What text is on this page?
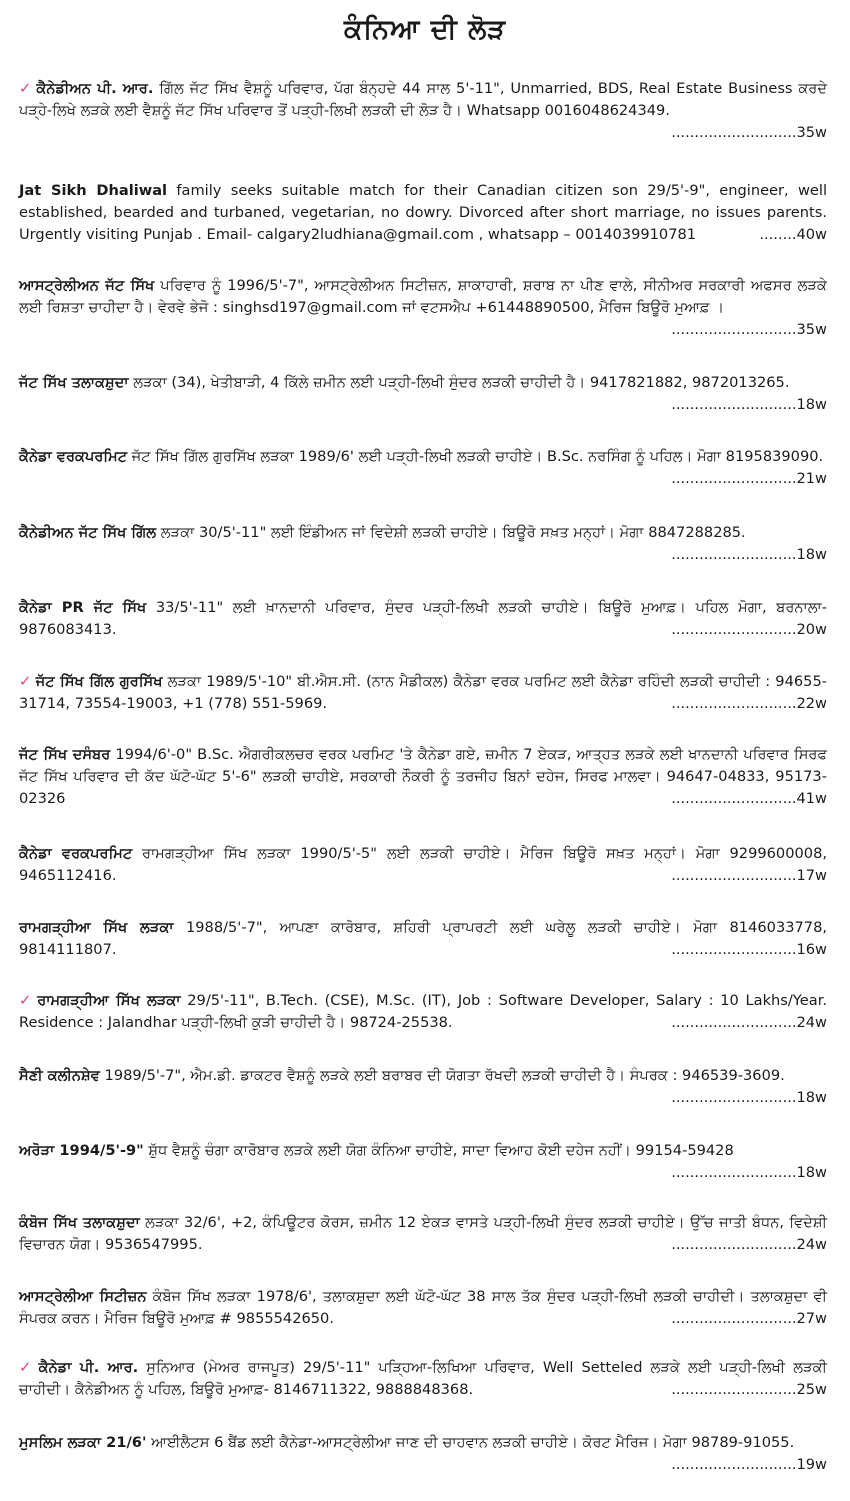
ਕੰਨਿਆ ਦੀ ਲੋੜ
✓ ਕੈਨੇਡੀਅਨ ਪੀ. ਆਰ. ਗਿੱਲ ਜੱਟ ਸਿੱਖ ਵੈਸ਼ਨੂੰ ਪਰਿਵਾਰ, ਪੱਗ ਬੰਨ੍ਹਦੇ 44 ਸਾਲ 5'-11", Unmarried, BDS, Real Estate Business ਕਰਦੇ ਪੜ੍ਹੇ-ਲਿਖੇ ਲੜਕੇ ਲਈ ਵੈਸ਼ਨੂੰ ਜੱਟ ਸਿੱਖ ਪਰਿਵਾਰ ਤੋਂ ਪੜ੍ਹੀ-ਲਿਖੀ ਲੜਕੀ ਦੀ ਲੋੜ ਹੈ। Whatsapp 0016048624349.
...........................35w
Jat Sikh Dhaliwal family seeks suitable match for their Canadian citizen son 29/5'-9", engineer, well established, bearded and turbaned, vegetarian, no dowry. Divorced after short marriage, no issues parents. Urgently visiting Punjab . Email- calgary2ludhiana@gmail.com , whatsapp – 0014039910781	........40w
ਆਸਟ੍ਰੇਲੀਅਨ ਜੱਟ ਸਿੱਖ ਪਰਿਵਾਰ ਨੂੰ 1996/5'-7", ਆਸਟ੍ਰੇਲੀਅਨ ਸਿਟੀਜ਼ਨ, ਸ਼ਾਕਾਹਾਰੀ, ਸ਼ਰਾਬ ਨਾ ਪੀਣ ਵਾਲੇ, ਸੀਨੀਅਰ ਸਰਕਾਰੀ ਅਫਸਰ ਲੜਕੇ ਲਈ ਰਿਸ਼ਤਾ ਚਾਹੀਦਾ ਹੈ। ਵੇਰਵੇ ਭੇਜੋ : singhsd197@gmail.com ਜਾਂ ਵਟਸਐਪ +61448890500, ਮੈਰਿਜ ਬਿਊਰੋ ਮੁਆਫ਼ ।
...........................35w
ਜੱਟ ਸਿੱਖ ਤਲਾਕਸ਼ੁਦਾ ਲੜਕਾ (34), ਖੇਤੀਬਾੜੀ, 4 ਕਿੱਲੇ ਜ਼ਮੀਨ ਲਈ ਪੜ੍ਹੀ-ਲਿਖੀ ਸੁੰਦਰ ਲੜਕੀ ਚਾਹੀਦੀ ਹੈ। 9417821882, 9872013265.
...........................18w
ਕੈਨੇਡਾ ਵਰਕਪਰਮਿਟ ਜੱਟ ਸਿੱਖ ਗਿੱਲ ਗੁਰਸਿੱਖ ਲੜਕਾ 1989/6' ਲਈ ਪੜ੍ਹੀ-ਲਿਖੀ ਲੜਕੀ ਚਾਹੀਏ। B.Sc. ਨਰਸਿੰਗ ਨੂੰ ਪਹਿਲ। ਮੋਗਾ 8195839090.
...........................21w
ਕੈਨੇਡੀਅਨ ਜੱਟ ਸਿੱਖ ਗਿੱਲ ਲੜਕਾ 30/5'-11" ਲਈ ਇੰਡੀਅਨ ਜਾਂ ਵਿਦੇਸ਼ੀ ਲੜਕੀ ਚਾਹੀਏ। ਬਿਊਰੋ ਸਖ਼ਤ ਮਨ੍ਹਾਂ। ਮੋਗਾ 8847288285.
...........................18w
ਕੈਨੇਡਾ PR ਜੱਟ ਸਿੱਖ 33/5'-11" ਲਈ ਖ਼ਾਨਦਾਨੀ ਪਰਿਵਾਰ, ਸੁੰਦਰ ਪੜ੍ਹੀ-ਲਿਖੀ ਲੜਕੀ ਚਾਹੀਏ। ਬਿਊਰੋ ਮੁਆਫ਼। ਪਹਿਲ ਮੋਗਾ, ਬਰਨਾਲਾ- 9876083413.	...........................20w
✓ ਜੱਟ ਸਿੱਖ ਗਿੱਲ ਗੁਰਸਿੱਖ ਲੜਕਾ 1989/5'-10" ਬੀ.ਐਸ.ਸੀ. (ਨਾਨ ਮੈਡੀਕਲ) ਕੈਨੇਡਾ ਵਰਕ ਪਰਮਿਟ ਲਈ ਕੈਨੇਡਾ ਰਹਿੰਦੀ ਲੜਕੀ ਚਾਹੀਦੀ : 94655-31714, 73554-19003, +1 (778) 551-5969.	...........................22w
ਜੱਟ ਸਿੱਖ ਦਸੰਬਰ 1994/6'-0" B.Sc. ਐਗਰੀਕਲਚਰ ਵਰਕ ਪਰਮਿਟ 'ਤੇ ਕੈਨੇਡਾ ਗਏ, ਜ਼ਮੀਨ 7 ਏਕੜ, ਆਤ੍ਹਤ ਲੜਕੇ ਲਈ ਖਾਨਦਾਨੀ ਪਰਿਵਾਰ ਸਿਰਫ ਜੱਟ ਸਿੱਖ ਪਰਿਵਾਰ ਦੀ ਕੱਦ ਘੱਟੋ-ਘੱਟ 5'-6" ਲੜਕੀ ਚਾਹੀਏ, ਸਰਕਾਰੀ ਨੌਕਰੀ ਨੂੰ ਤਰਜੀਹ ਬਿਨਾਂ ਦਹੇਜ, ਸਿਰਫ ਮਾਲਵਾ। 94647-04833, 95173-02326	...........................41w
ਕੈਨੇਡਾ ਵਰਕਪਰਮਿਟ ਰਾਮਗੜ੍ਹੀਆ ਸਿੱਖ ਲੜਕਾ 1990/5'-5" ਲਈ ਲੜਕੀ ਚਾਹੀਏ। ਮੈਰਿਜ ਬਿਊਰੋ ਸਖ਼ਤ ਮਨ੍ਹਾਂ। ਮੋਗਾ 9299600008, 9465112416.	...........................17w
ਰਾਮਗੜ੍ਹੀਆ ਸਿੱਖ ਲੜਕਾ 1988/5'-7", ਆਪਣਾ ਕਾਰੋਬਾਰ, ਸ਼ਹਿਰੀ ਪ੍ਰਾਪਰਟੀ ਲਈ ਘਰੇਲੂ ਲੜਕੀ ਚਾਹੀਏ। ਮੋਗਾ 8146033778, 9814111807.	...........................16w
✓ ਰਾਮਗੜ੍ਹੀਆ ਸਿੱਖ ਲੜਕਾ 29/5'-11", B.Tech. (CSE), M.Sc. (IT), Job : Software Developer, Salary : 10 Lakhs/Year. Residence : Jalandhar ਪੜ੍ਹੀ-ਲਿਖੀ ਕੁੜੀ ਚਾਹੀਦੀ ਹੈ। 98724-25538.	...........................24w
ਸੈਣੀ ਕਲੀਨਸ਼ੇਵ 1989/5'-7", ਐਮ.ਡੀ. ਡਾਕਟਰ ਵੈਸ਼ਨੂੰ ਲੜਕੇ ਲਈ ਬਰਾਬਰ ਦੀ ਯੋਗਤਾ ਰੱਖਦੀ ਲੜਕੀ ਚਾਹੀਦੀ ਹੈ। ਸੰਪਰਕ : 946539-3609.
...........................18w
ਅਰੋੜਾ 1994/5'-9" ਸ਼ੁੱਧ ਵੈਸ਼ਨੂੰ ਚੰਗਾ ਕਾਰੋਬਾਰ ਲੜਕੇ ਲਈ ਯੋਗ ਕੰਨਿਆ ਚਾਹੀਏ, ਸਾਦਾ ਵਿਆਹ ਕੋਈ ਦਹੇਜ ਨਹੀਂ। 99154-59428
...........................18w
ਕੰਬੋਜ ਸਿੱਖ ਤਲਾਕਸ਼ੁਦਾ ਲੜਕਾ 32/6', +2, ਕੰਪਿਊਟਰ ਕੋਰਸ, ਜ਼ਮੀਨ 12 ਏਕੜ ਵਾਸਤੇ ਪੜ੍ਹੀ-ਲਿਖੀ ਸੁੰਦਰ ਲੜਕੀ ਚਾਹੀਏ। ਉੱਚ ਜਾਤੀ ਬੰਧਨ, ਵਿਦੇਸ਼ੀ ਵਿਚਾਰਨ ਯੋਗ। 9536547995.	...........................24w
ਆਸਟ੍ਰੇਲੀਆ ਸਿਟੀਜ਼ਨ ਕੰਬੋਜ ਸਿੱਖ ਲੜਕਾ 1978/6', ਤਲਾਕਸ਼ੁਦਾ ਲਈ ਘੱਟੋ-ਘੱਟ 38 ਸਾਲ ਤੱਕ ਸੁੰਦਰ ਪੜ੍ਹੀ-ਲਿਖੀ ਲੜਕੀ ਚਾਹੀਦੀ। ਤਲਾਕਸ਼ੁਦਾ ਵੀ ਸੰਪਰਕ ਕਰਨ। ਮੈਰਿਜ ਬਿਊਰੋ ਮੁਆਫ਼ # 9855542650.	...........................27w
✓ ਕੈਨੇਡਾ ਪੀ. ਆਰ. ਸੁਨਿਆਰ (ਮੇਅਰ ਰਾਜਪੂਤ) 29/5'-11" ਪੜ੍ਹਿਆ-ਲਿਖਿਆ ਪਰਿਵਾਰ, Well Setteled ਲੜਕੇ ਲਈ ਪੜ੍ਹੀ-ਲਿਖੀ ਲੜਕੀ ਚਾਹੀਦੀ। ਕੈਨੇਡੀਅਨ ਨੂੰ ਪਹਿਲ, ਬਿਊਰੋ ਮੁਆਫ਼- 8146711322, 9888848368.	...........................25w
ਮੁਸਲਿਮ ਲੜਕਾ 21/6' ਆਈਲੈਟਸ 6 ਬੈਂਡ ਲਈ ਕੈਨੇਡਾ-ਆਸਟ੍ਰੇਲੀਆ ਜਾਣ ਦੀ ਚਾਹਵਾਨ ਲੜਕੀ ਚਾਹੀਏ। ਕੋਰਟ ਮੈਰਿਜ। ਮੋਗਾ 98789-91055.
...........................19w
